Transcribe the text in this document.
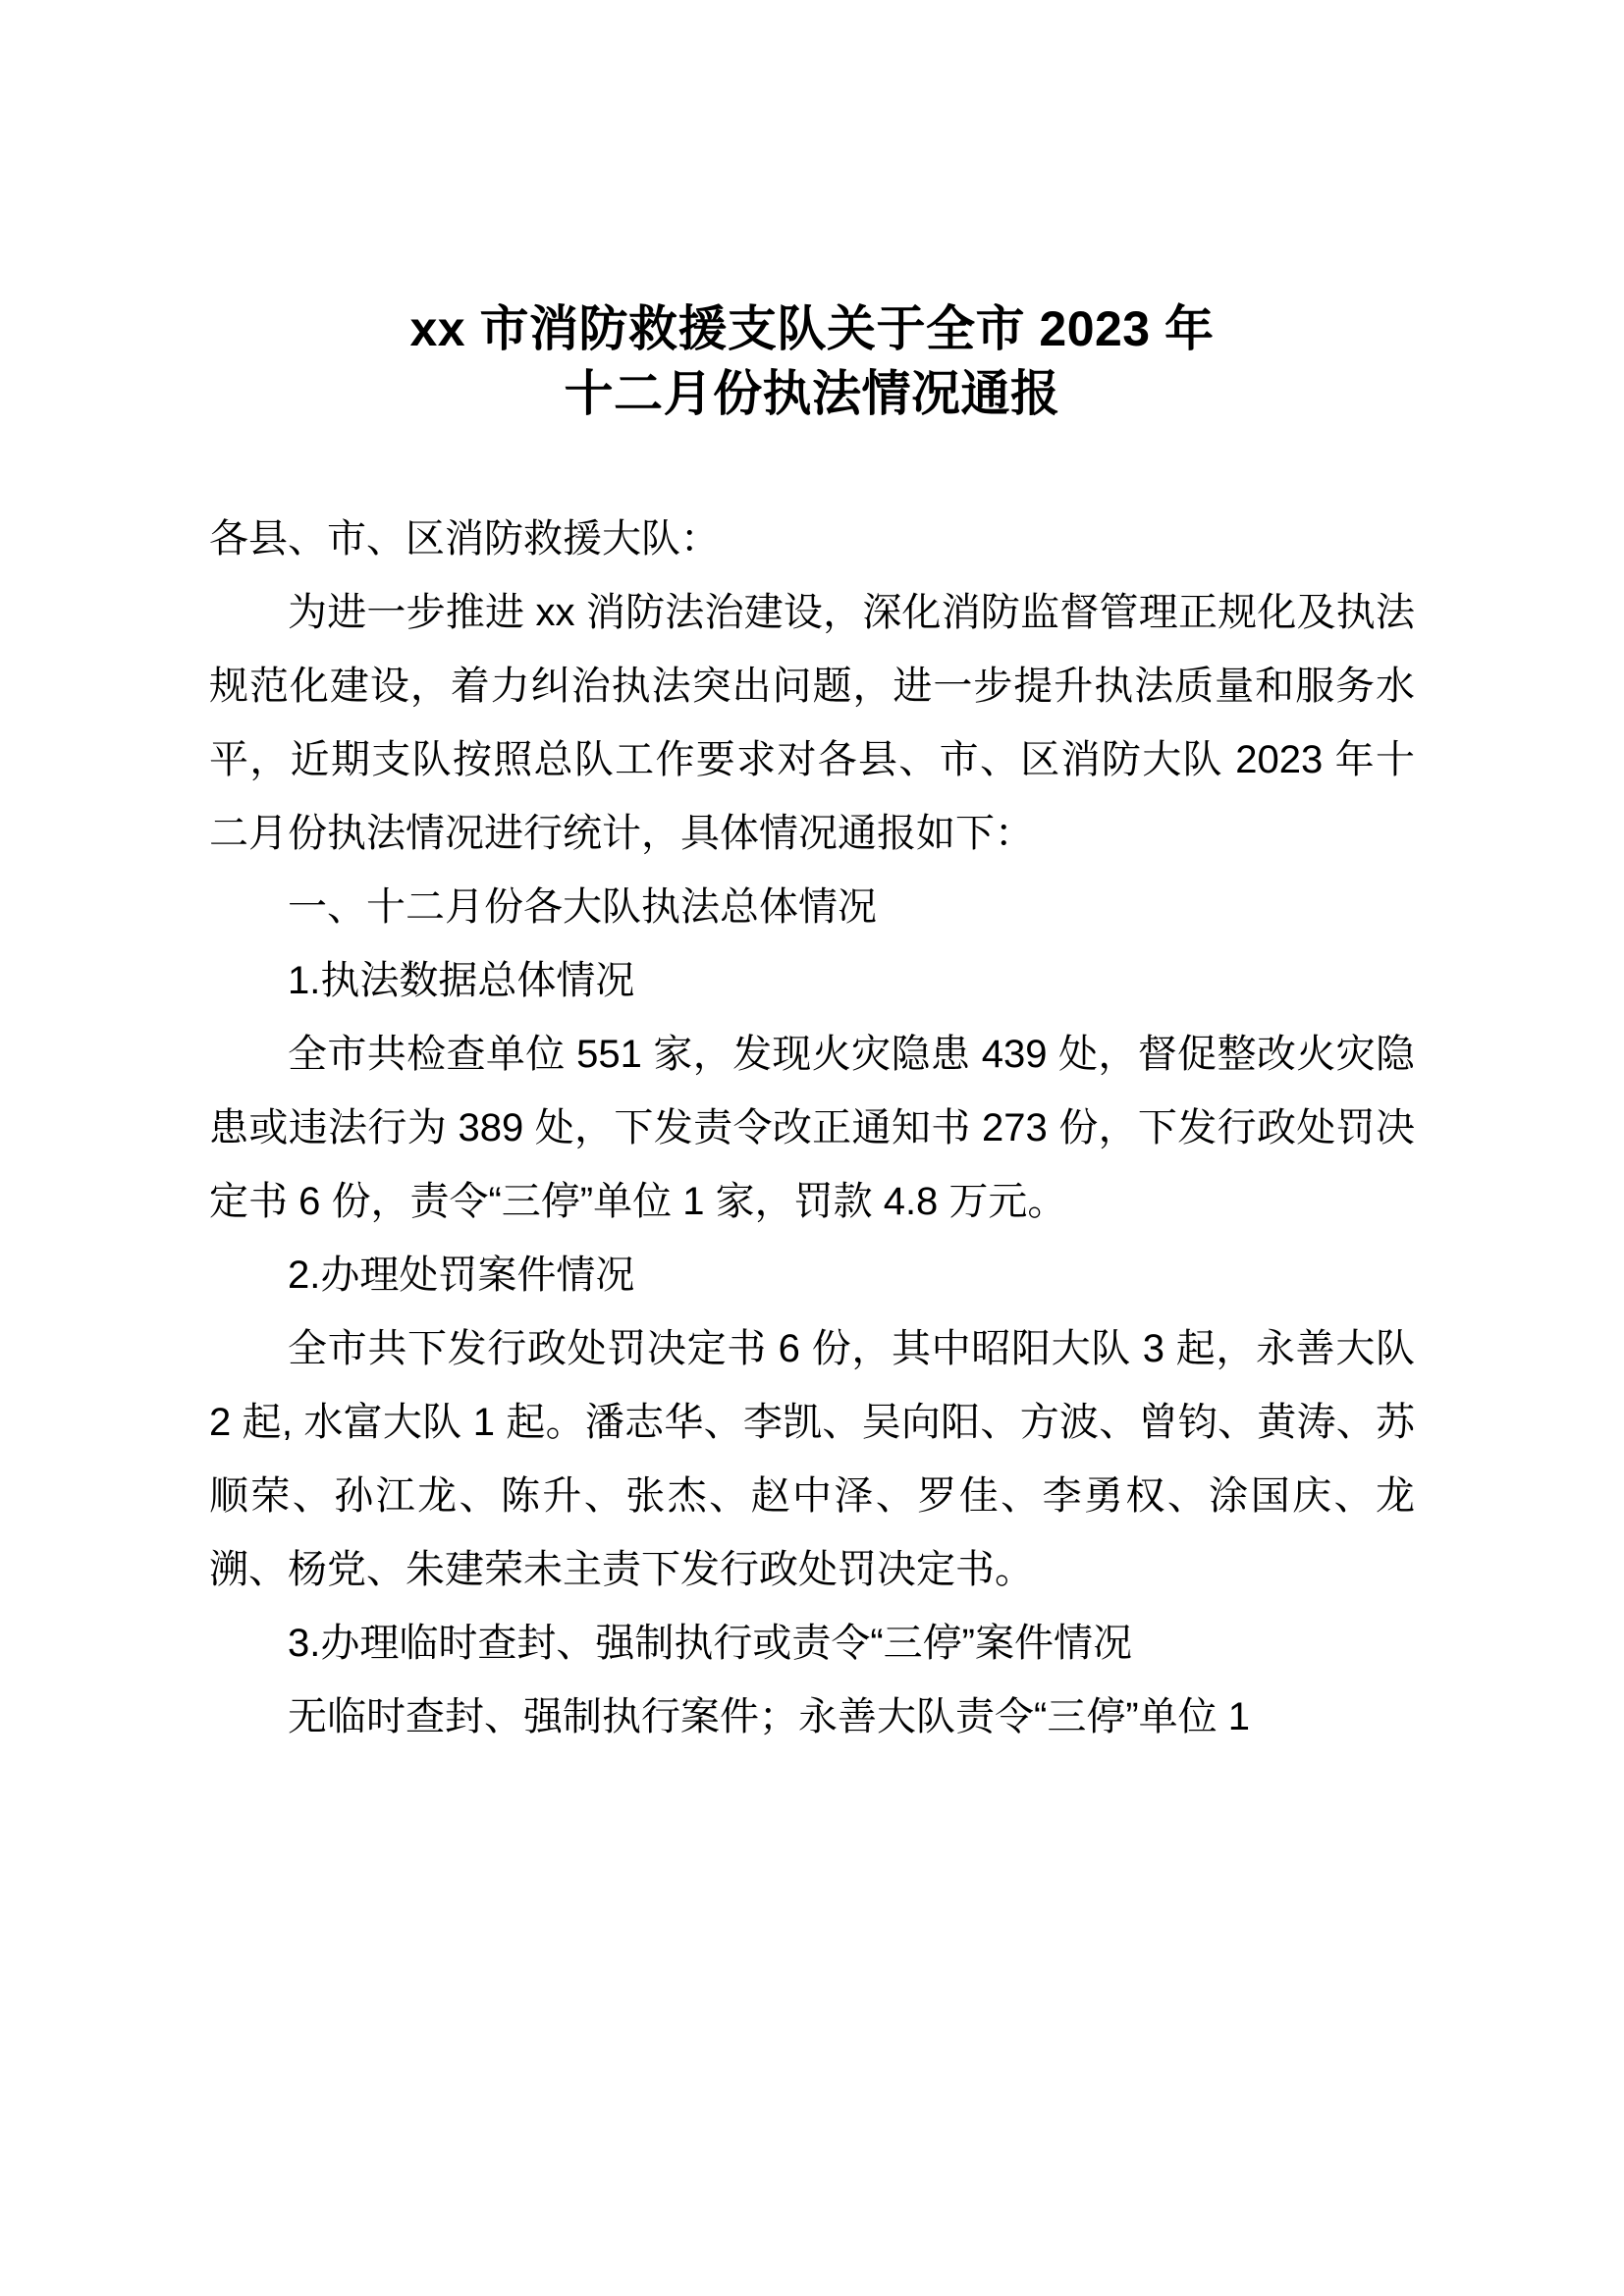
xx 市消防救援支队关于全市 2023 年
十二月份执法情况通报

各县、市、区消防救援大队：

为进一步推进 xx 消防法治建设，深化消防监督管理正规化及执法规范化建设，着力纠治执法突出问题，进一步提升执法质量和服务水平，近期支队按照总队工作要求对各县、市、区消防大队 2023 年十二月份执法情况进行统计，具体情况通报如下：

一、十二月份各大队执法总体情况

1.执法数据总体情况

全市共检查单位 551 家，发现火灾隐患 439 处，督促整改火灾隐患或违法行为 389 处，下发责令改正通知书 273 份，下发行政处罚决定书 6 份，责令“三停”单位 1 家，罚款 4.8 万元。

2.办理处罚案件情况

全市共下发行政处罚决定书 6 份，其中昭阳大队 3 起，永善大队 2 起, 水富大队 1 起。潘志华、李凯、吴向阳、方波、曾钧、黄涛、苏顺荣、孙江龙、陈升、张杰、赵中泽、罗佳、李勇权、涂国庆、龙溯、杨党、朱建荣未主责下发行政处罚决定书。

3.办理临时查封、强制执行或责令“三停”案件情况

无临时查封、强制执行案件；永善大队责令“三停”单位 1
